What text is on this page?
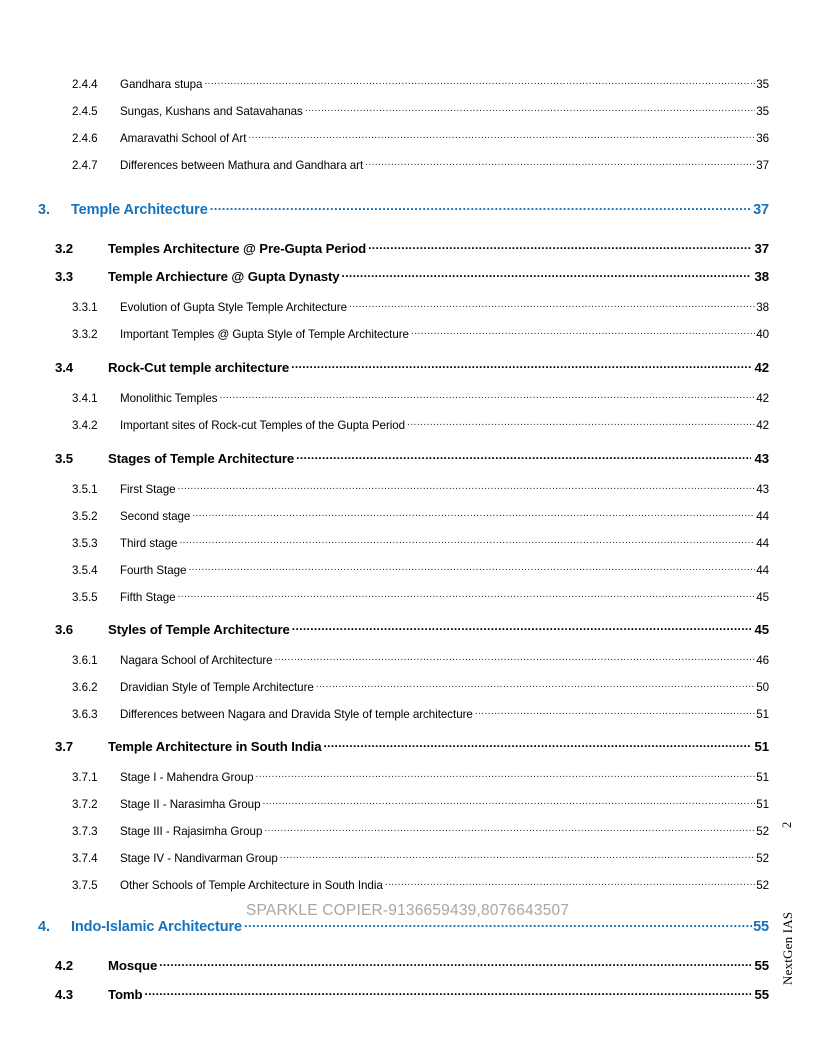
2.4.4	Gandhara stupa .....	35
2.4.5	Sungas, Kushans and Satavahanas .....	35
2.4.6	Amaravathi School of Art .....	36
2.4.7	Differences between Mathura and Gandhara art .....	37
3.	Temple Architecture .....	37
3.2	Temples Architecture @ Pre-Gupta Period .....	37
3.3	Temple Archiecture @ Gupta Dynasty .....	38
3.3.1	Evolution of Gupta Style Temple Architecture .....	38
3.3.2	Important Temples @ Gupta Style of Temple Architecture .....	40
3.4	Rock-Cut temple architecture .....	42
3.4.1	Monolithic Temples .....	42
3.4.2	Important sites of Rock-cut Temples of the Gupta Period .....	42
3.5	Stages of Temple Architecture .....	43
3.5.1	First Stage .....	43
3.5.2	Second stage .....	44
3.5.3	Third stage .....	44
3.5.4	Fourth Stage .....	44
3.5.5	Fifth Stage .....	45
3.6	Styles of Temple Architecture .....	45
3.6.1	Nagara School of Architecture .....	46
3.6.2	Dravidian Style of Temple Architecture .....	50
3.6.3	Differences between Nagara and Dravida Style of temple architecture .....	51
3.7	Temple Architecture in South India .....	51
3.7.1	Stage I - Mahendra Group .....	51
3.7.2	Stage II - Narasimha Group .....	51
3.7.3	Stage III - Rajasimha Group .....	52
3.7.4	Stage IV - Nandivarman Group .....	52
3.7.5	Other Schools of Temple Architecture in South India .....	52
4.	Indo-Islamic Architecture .....	55
4.2	Mosque .....	55
4.3	Tomb .....	55
SPARKLE COPIER-9136659439,8076643507
2
NextGen IAS
